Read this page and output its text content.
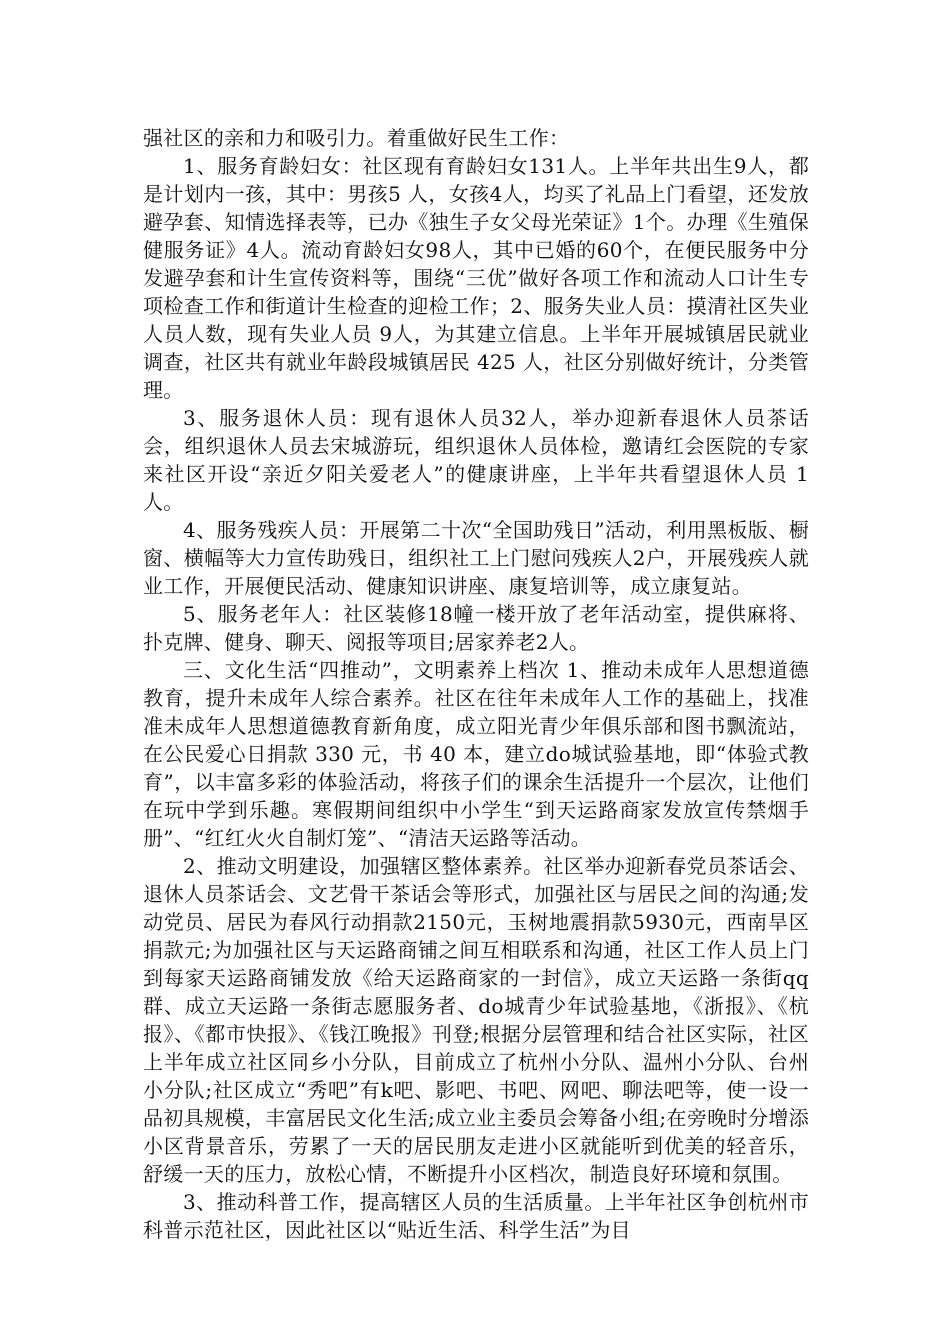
强社区的亲和力和吸引力。着重做好民生工作：

1、服务育龄妇女：社区现有育龄妇女131人。上半年共出生9人，都是计划内一孩，其中：男孩5 人，女孩4人，均买了礼品上门看望，还发放避孕套、知情选择表等，已办《独生子女父母光荣证》1个。办理《生殖保健服务证》4人。流动育龄妇女98人，其中已婚的60个，在便民服务中分发避孕套和计生宣传资料等，围绕“三优”做好各项工作和流动人口计生专项检查工作和街道计生检查的迎检工作；2、服务失业人员：摸清社区失业人员人数，现有失业人员 9人，为其建立信息。上半年开展城镇居民就业调查，社区共有就业年龄段城镇居民 425 人，社区分别做好统计，分类管理。

3、服务退休人员：现有退休人员32人，举办迎新春退休人员茶话会，组织退休人员去宋城游玩，组织退休人员体检，邀请红会医院的专家来社区开设“亲近夕阳关爱老人”的健康讲座，上半年共看望退休人员 1人。

4、服务残疾人员：开展第二十次“全国助残日”活动，利用黑板版、橱窗、横幅等大力宣传助残日，组织社工上门慰问残疾人2户，开展残疾人就业工作，开展便民活动、健康知识讲座、康复培训等，成立康复站。

5、服务老年人：社区装修18幢一楼开放了老年活动室，提供麻将、扑克牌、健身、聊天、阅报等项目;居家养老2人。

三、文化生活“四推动”，文明素养上档次 1、推动未成年人思想道德教育，提升未成年人综合素养。社区在往年未成年人工作的基础上，找准准未成年人思想道德教育新角度，成立阳光青少年俱乐部和图书飘流站，在公民爱心日捐款 330 元，书 40 本，建立do城试验基地，即“体验式教育”，以丰富多彩的体验活动，将孩子们的课余生活提升一个层次，让他们在玩中学到乐趣。寒假期间组织中小学生“到天运路商家发放宣传禁烟手册”、“红红火火自制灯笼”、“清洁天运路等活动。

2、推动文明建设，加强辖区整体素养。社区举办迎新春党员茶话会、退休人员茶话会、文艺骨干茶话会等形式，加强社区与居民之间的沟通;发动党员、居民为春风行动捐款2150元，玉树地震捐款5930元，西南旱区捐款元;为加强社区与天运路商铺之间互相联系和沟通，社区工作人员上门到每家天运路商铺发放《给天运路商家的一封信》，成立天运路一条街qq群、成立天运路一条街志愿服务者、do城青少年试验基地，《浙报》、《杭报》、《都市快报》、《钱江晚报》刊登;根据分层管理和结合社区实际，社区上半年成立社区同乡小分队，目前成立了杭州小分队、温州小分队、台州小分队;社区成立“秀吧”有k吧、影吧、书吧、网吧、聊法吧等，使一设一品初具规模，丰富居民文化生活;成立业主委员会筹备小组;在旁晚时分增添小区背景音乐，劳累了一天的居民朋友走进小区就能听到优美的轻音乐，舒缓一天的压力，放松心情，不断提升小区档次，制造良好环境和氛围。

3、推动科普工作，提高辖区人员的生活质量。上半年社区争创杭州市科普示范社区，因此社区以“贴近生活、科学生活”为目
